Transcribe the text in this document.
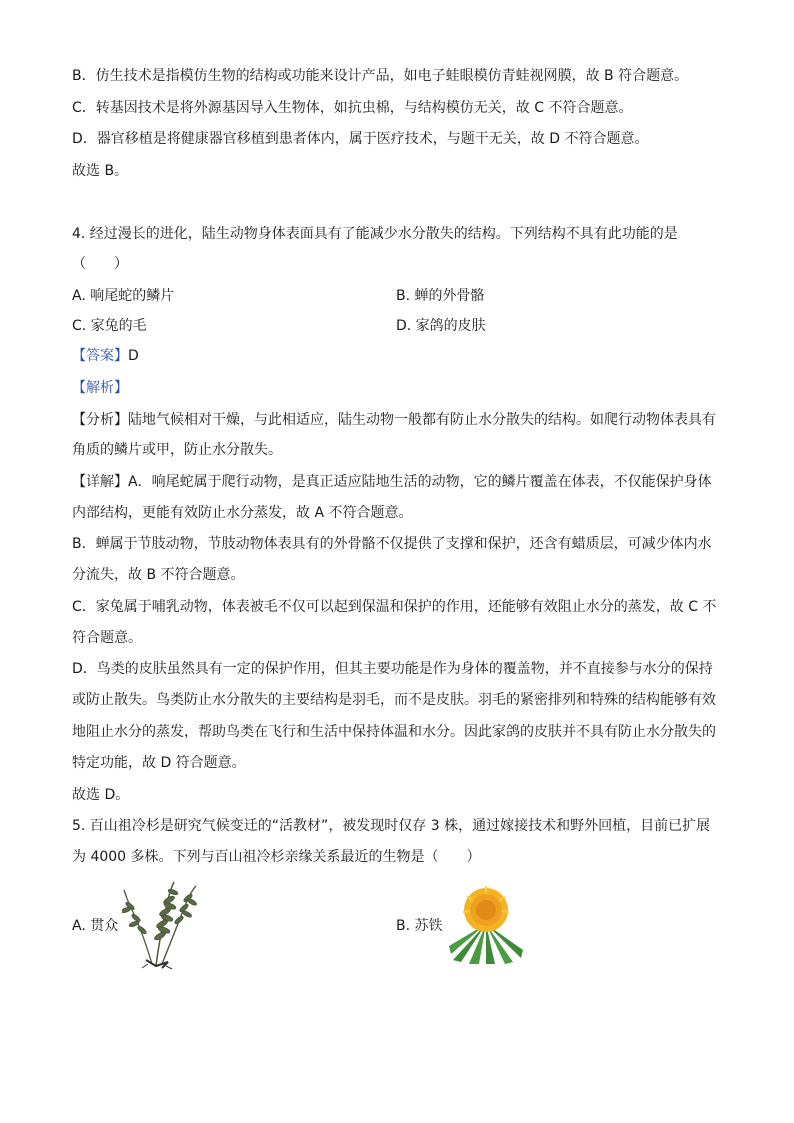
B．仿生技术是指模仿生物的结构或功能来设计产品，如电子蛙眼模仿青蛙视网膜，故 B 符合题意。
C．转基因技术是将外源基因导入生物体，如抗虫棉，与结构模仿无关，故 C 不符合题意。
D．器官移植是将健康器官移植到患者体内，属于医疗技术，与题干无关，故 D 不符合题意。
故选 B。
4. 经过漫长的进化，陆生动物身体表面具有了能减少水分散失的结构。下列结构不具有此功能的是
（　　）
A. 响尾蛇的鳞片	B. 蝉的外骨骼
C. 家兔的毛	D. 家鸽的皮肤
【答案】D
【解析】
【分析】陆地气候相对干燥，与此相适应，陆生动物一般都有防止水分散失的结构。如爬行动物体表具有
角质的鳞片或甲，防止水分散失。
【详解】A．响尾蛇属于爬行动物，是真正适应陆地生活的动物，它的鳞片覆盖在体表，不仅能保护身体
内部结构，更能有效防止水分蒸发，故 A 不符合题意。
B．蝉属于节肢动物，节肢动物体表具有的外骨骼不仅提供了支撑和保护，还含有蜡质层，可减少体内水
分流失，故 B 不符合题意。
C．家兔属于哺乳动物，体表被毛不仅可以起到保温和保护的作用，还能够有效阻止水分的蒸发，故 C 不
符合题意。
D．鸟类的皮肤虽然具有一定的保护作用，但其主要功能是作为身体的覆盖物，并不直接参与水分的保持
或防止散失。鸟类防止水分散失的主要结构是羽毛，而不是皮肤。羽毛的紧密排列和特殊的结构能够有效
地阻止水分的蒸发，帮助鸟类在飞行和生活中保持体温和水分。因此家鸽的皮肤并不具有防止水分散失的
特定功能，故 D 符合题意。
故选 D。
5. 百山祖冷杉是研究气候变迁的“活教材”，被发现时仅存 3 株，通过嫁接技术和野外回植，目前已扩展
为 4000 多株。下列与百山祖冷杉亲缘关系最近的生物是（　　）
A. 贯众	B. 苏铁
